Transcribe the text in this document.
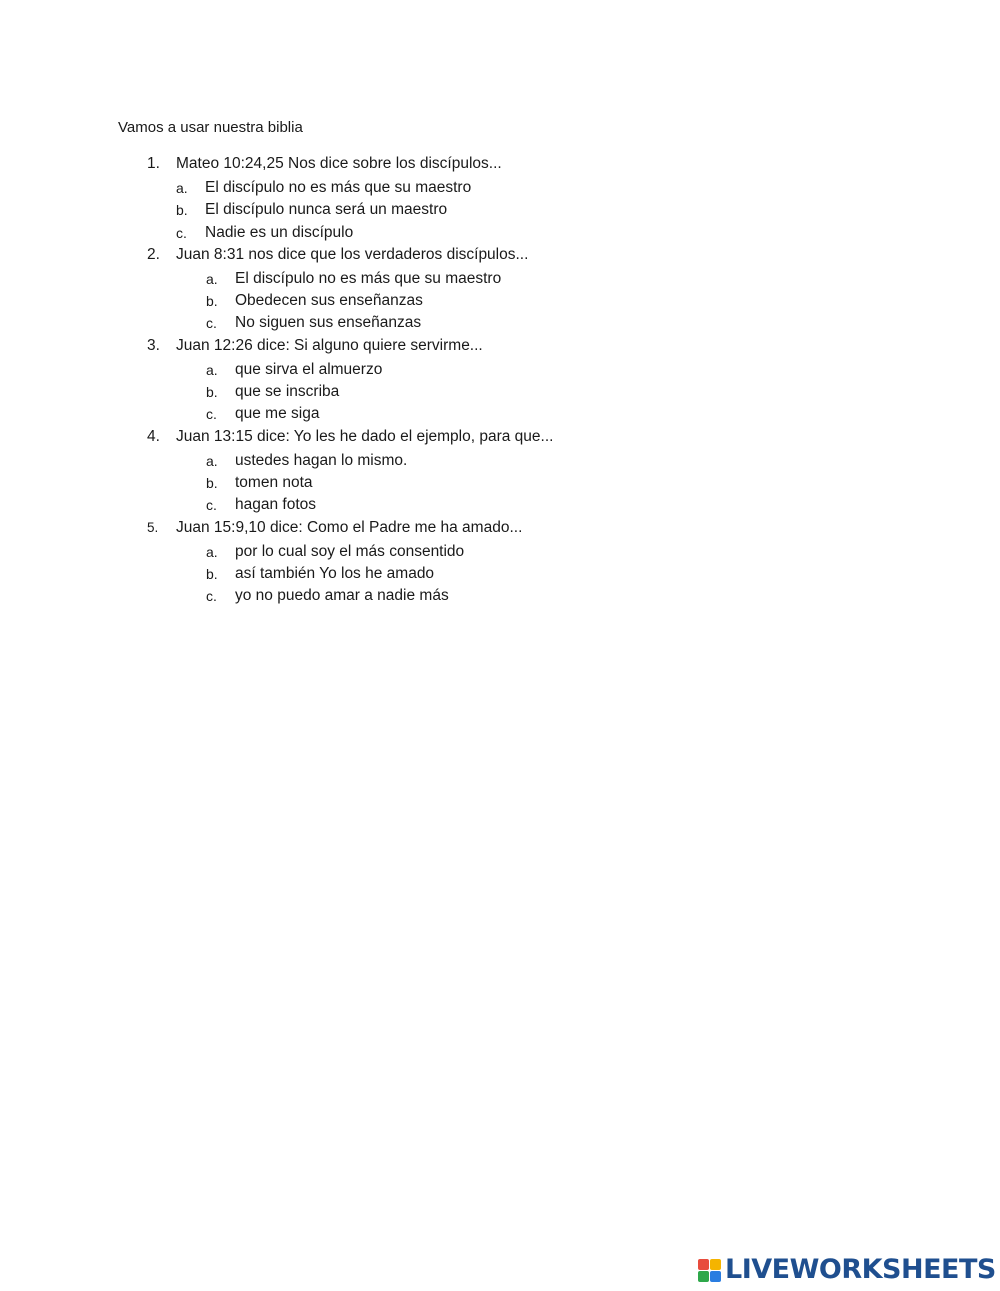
Vamos a usar nuestra biblia
1. Mateo 10:24,25 Nos dice sobre los discípulos...
a. El discípulo no es más que su maestro
b. El discípulo nunca será un maestro
c. Nadie es un discípulo
2. Juan 8:31 nos dice que los verdaderos discípulos...
a. El discípulo no es más que su maestro
b. Obedecen sus enseñanzas
c. No siguen sus enseñanzas
3. Juan 12:26 dice: Si alguno quiere servirme...
a. que sirva el almuerzo
b. que se inscriba
c. que me siga
4. Juan 13:15 dice: Yo les he dado el ejemplo, para que...
a. ustedes hagan lo mismo.
b. tomen nota
c. hagan fotos
5. Juan 15:9,10 dice: Como el Padre me ha amado...
a. por lo cual soy el más consentido
b. así también Yo los he amado
c. yo no puedo amar a nadie más
LIVEWORKSHEETS
